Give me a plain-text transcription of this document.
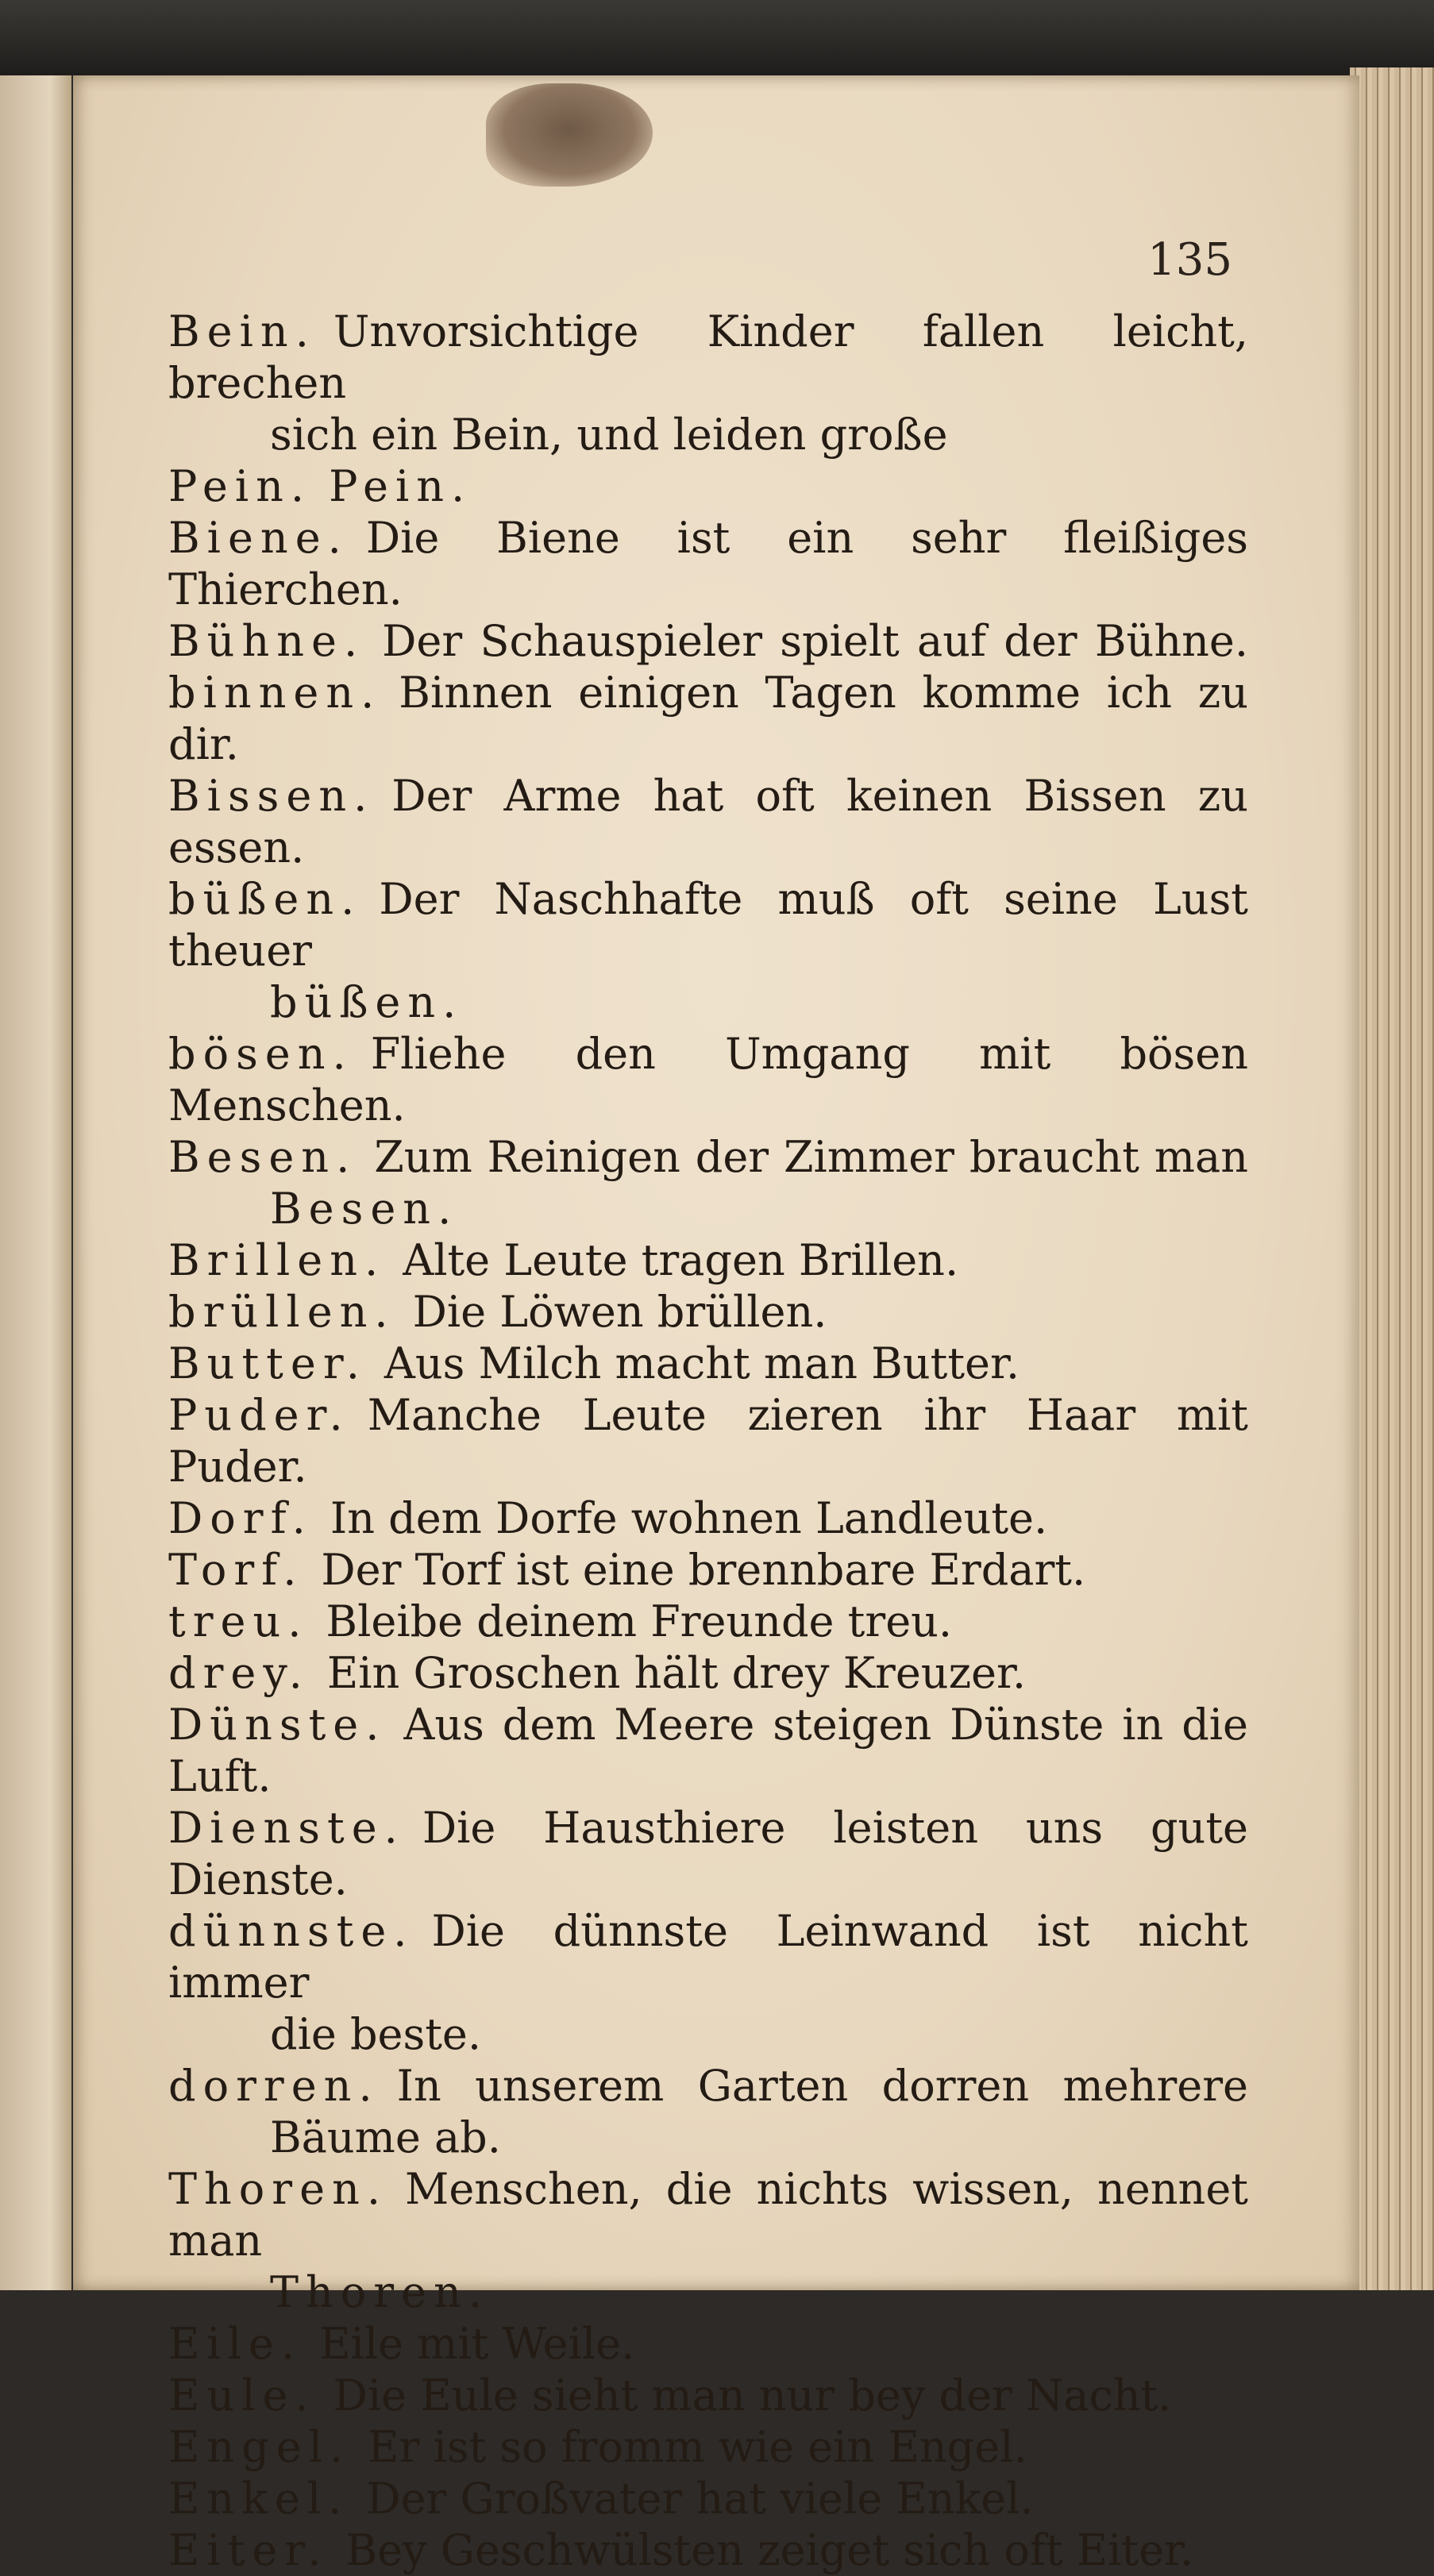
135
Bein. Unvorsichtige Kinder fallen leicht, brechen
sich ein Bein, und leiden große
Pein. Pein.
Biene. Die Biene ist ein sehr fleißiges Thierchen.
Bühne. Der Schauspieler spielt auf der Bühne.
binnen. Binnen einigen Tagen komme ich zu dir.
Bissen. Der Arme hat oft keinen Bissen zu essen.
büßen. Der Naschhafte muß oft seine Lust theuer
büßen.
bösen. Fliehe den Umgang mit bösen Menschen.
Besen. Zum Reinigen der Zimmer braucht man
Besen.
Brillen. Alte Leute tragen Brillen.
brüllen. Die Löwen brüllen.
Butter. Aus Milch macht man Butter.
Puder. Manche Leute zieren ihr Haar mit Puder.
Dorf. In dem Dorfe wohnen Landleute.
Torf. Der Torf ist eine brennbare Erdart.
treu. Bleibe deinem Freunde treu.
drey. Ein Groschen hält drey Kreuzer.
Dünste. Aus dem Meere steigen Dünste in die Luft.
Dienste. Die Hausthiere leisten uns gute Dienste.
dünnste. Die dünnste Leinwand ist nicht immer
die beste.
dorren. In unserem Garten dorren mehrere
Bäume ab.
Thoren. Menschen, die nichts wissen, nennet man
Thoren.
Eile. Eile mit Weile.
Eule. Die Eule sieht man nur bey der Nacht.
Engel. Er ist so fromm wie ein Engel.
Enkel. Der Großvater hat viele Enkel.
Eiter. Bey Geschwülsten zeiget sich oft Eiter.
